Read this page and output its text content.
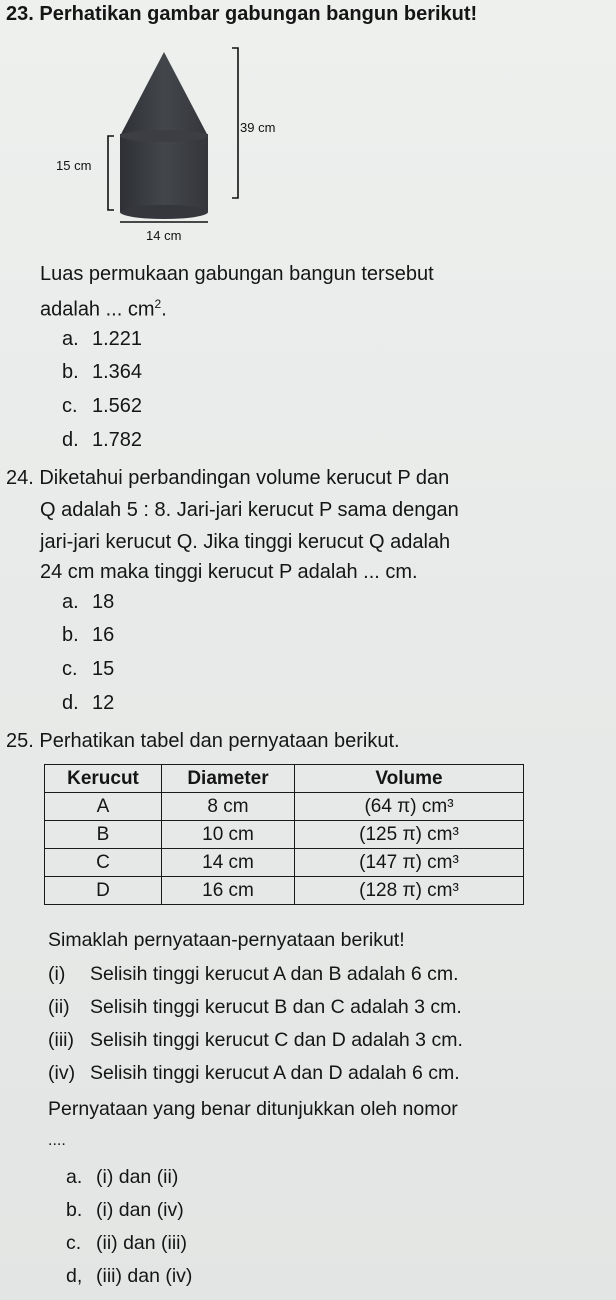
23. Perhatikan gambar gabungan bangun berikut!
39 cm
15 cm
14 cm
Luas permukaan gabungan bangun tersebut
adalah ... $cm^2$.
a. 1.221
b. 1.364
c. 1.562
d. 1.782
24. Diketahui perbandingan volume kerucut P dan
Q adalah 5 : 8. Jari-jari kerucut P sama dengan
jari-jari kerucut Q. Jika tinggi kerucut Q adalah
24 cm maka tinggi kerucut P adalah ... cm.
a. 18
b. 16
c. 15
d. 12
25. Perhatikan tabel dan pernyataan berikut.
Kerucut	Diameter	Volume
A	8 cm	(64 π) cm³
B	10 cm	(125 π) cm³
C	14 cm	(147 π) cm³
D	16 cm	(128 π) cm³
Simaklah pernyataan-pernyataan berikut!
(i) Selisih tinggi kerucut A dan B adalah 6 cm.
(ii) Selisih tinggi kerucut B dan C adalah 3 cm.
(iii) Selisih tinggi kerucut C dan D adalah 3 cm.
(iv) Selisih tinggi kerucut A dan D adalah 6 cm.
Pernyataan yang benar ditunjukkan oleh nomor
....
a. (i) dan (ii)
b. (i) dan (iv)
c. (ii) dan (iii)
d, (iii) dan (iv)
